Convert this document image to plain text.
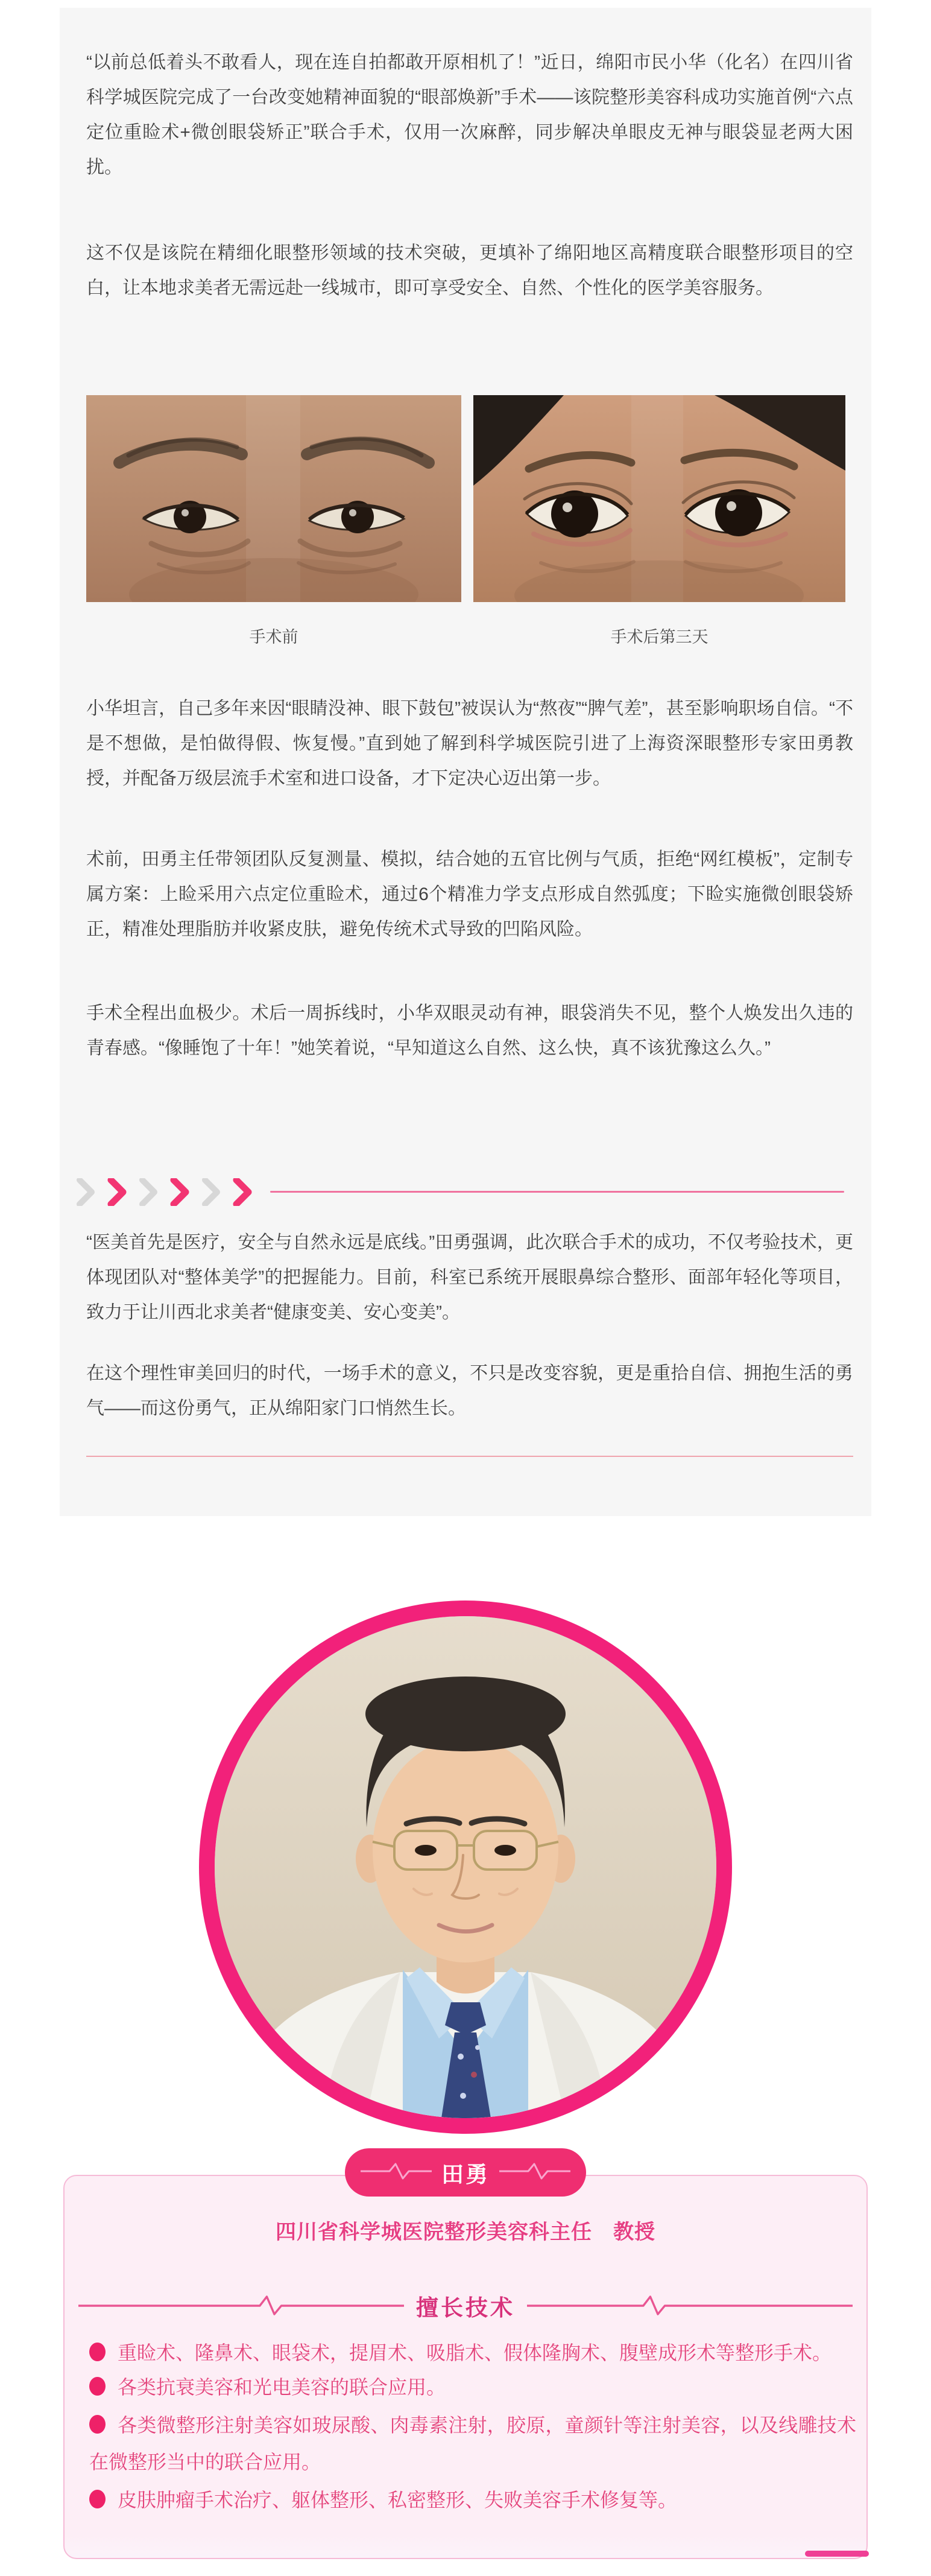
“以前总低着头不敢看人，现在连自拍都敢开原相机了！”近日，绵阳市民小华（化名）在四川省科学城医院完成了一台改变她精神面貌的“眼部焕新”手术——该院整形美容科成功实施首例“六点定位重睑术+微创眼袋矫正”联合手术，仅用一次麻醉，同步解决单眼皮无神与眼袋显老两大困扰。

这不仅是该院在精细化眼整形领域的技术突破，更填补了绵阳地区高精度联合眼整形项目的空白，让本地求美者无需远赴一线城市，即可享受安全、自然、个性化的医学美容服务。

手术前	手术后第三天

小华坦言，自己多年来因“眼睛没神、眼下鼓包”被误认为“熬夜”“脾气差”，甚至影响职场自信。“不是不想做，是怕做得假、恢复慢。”直到她了解到科学城医院引进了上海资深眼整形专家田勇教授，并配备万级层流手术室和进口设备，才下定决心迈出第一步。

术前，田勇主任带领团队反复测量、模拟，结合她的五官比例与气质，拒绝“网红模板”，定制专属方案：上睑采用六点定位重睑术，通过6个精准力学支点形成自然弧度；下睑实施微创眼袋矫正，精准处理脂肪并收紧皮肤，避免传统术式导致的凹陷风险。

手术全程出血极少。术后一周拆线时，小华双眼灵动有神，眼袋消失不见，整个人焕发出久违的青春感。“像睡饱了十年！”她笑着说，“早知道这么自然、这么快，真不该犹豫这么久。”

“医美首先是医疗，安全与自然永远是底线。”田勇强调，此次联合手术的成功，不仅考验技术，更体现团队对“整体美学”的把握能力。目前，科室已系统开展眼鼻综合整形、面部年轻化等项目，致力于让川西北求美者“健康变美、安心变美”。

在这个理性审美回归的时代，一场手术的意义，不只是改变容貌，更是重拾自信、拥抱生活的勇气——而这份勇气，正从绵阳家门口悄然生长。

田勇

四川省科学城医院整形美容科主任　教授

擅长技术

重睑术、隆鼻术、眼袋术，提眉术、吸脂术、假体隆胸术、腹壁成形术等整形手术。

各类抗衰美容和光电美容的联合应用。

各类微整形注射美容如玻尿酸、肉毒素注射，胶原，童颜针等注射美容，以及线雕技术在微整形当中的联合应用。

皮肤肿瘤手术治疗、躯体整形、私密整形、失败美容手术修复等。
